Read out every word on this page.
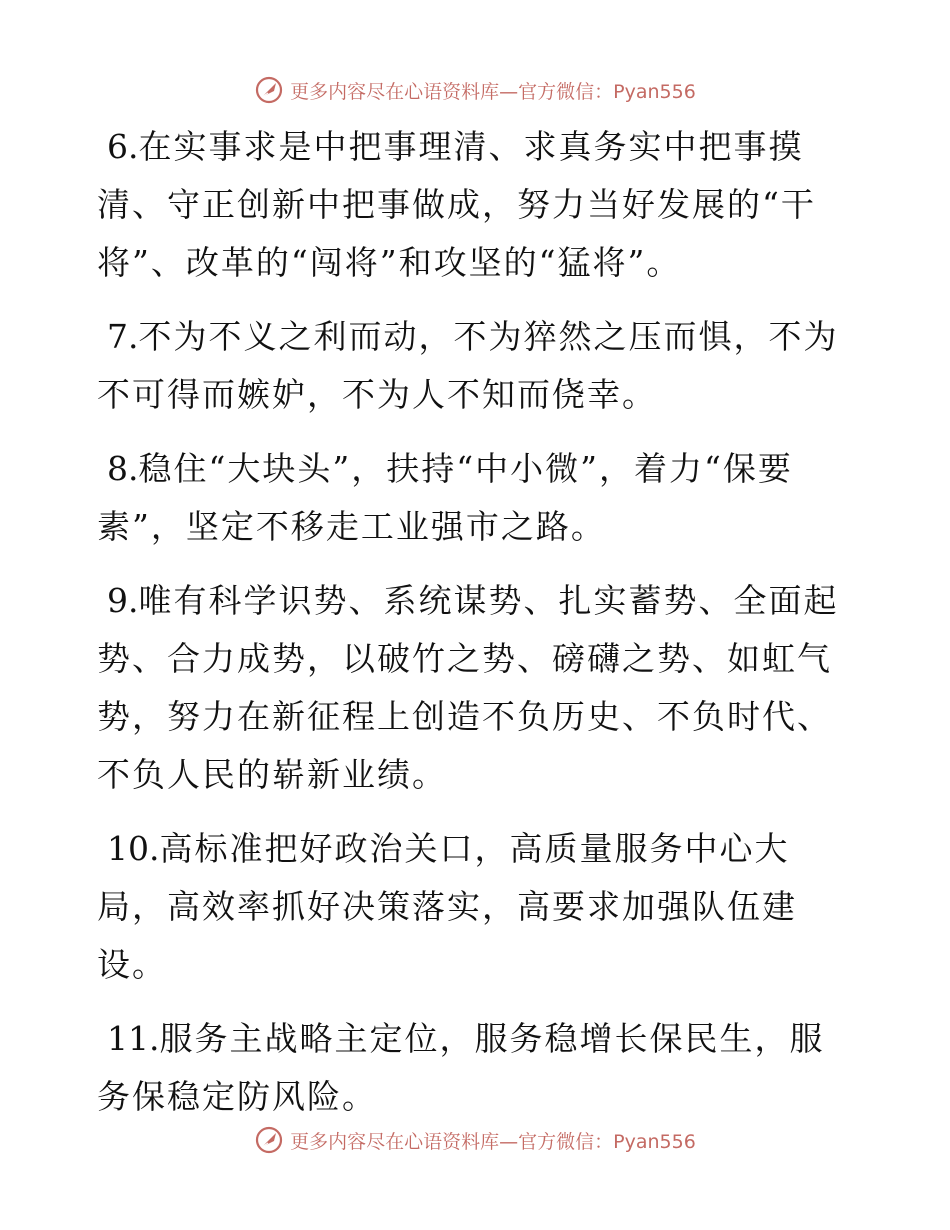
更多内容尽在心语资料库—官方微信：Pyan556

6.在实事求是中把事理清、求真务实中把事摸清、守正创新中把事做成，努力当好发展的“干将”、改革的“闯将”和攻坚的“猛将”。

7.不为不义之利而动，不为猝然之压而惧，不为不可得而嫉妒，不为人不知而侥幸。

8.稳住“大块头”，扶持“中小微”，着力“保要素”，坚定不移走工业强市之路。

9.唯有科学识势、系统谋势、扎实蓄势、全面起势、合力成势，以破竹之势、磅礴之势、如虹气势，努力在新征程上创造不负历史、不负时代、不负人民的崭新业绩。

10.高标准把好政治关口，高质量服务中心大局，高效率抓好决策落实，高要求加强队伍建设。

11.服务主战略主定位，服务稳增长保民生，服务保稳定防风险。

更多内容尽在心语资料库—官方微信：Pyan556
